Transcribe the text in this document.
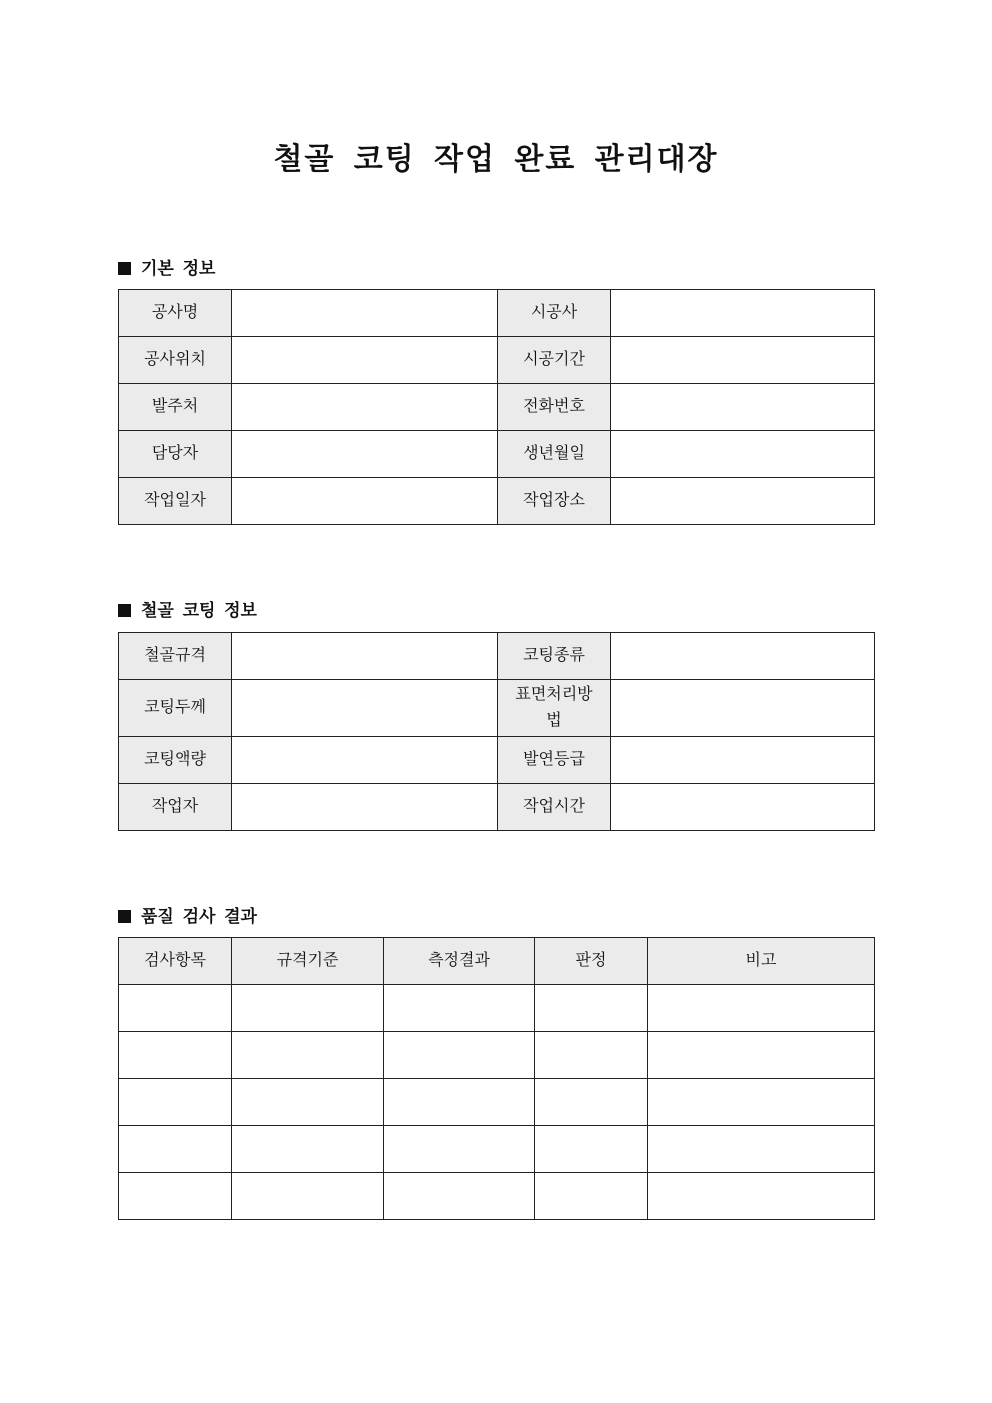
철골 코팅 작업 완료 관리대장
기본 정보
공사명		시공사	
공사위치		시공기간	
발주처		전화번호	
담당자		생년월일	
작업일자		작업장소	
철골 코팅 정보
철골규격		코팅종류	
코팅두께		표면처리방법	
코팅액량		발연등급	
작업자		작업시간	
품질 검사 결과
검사항목	규격기준	측정결과	판정	비고
